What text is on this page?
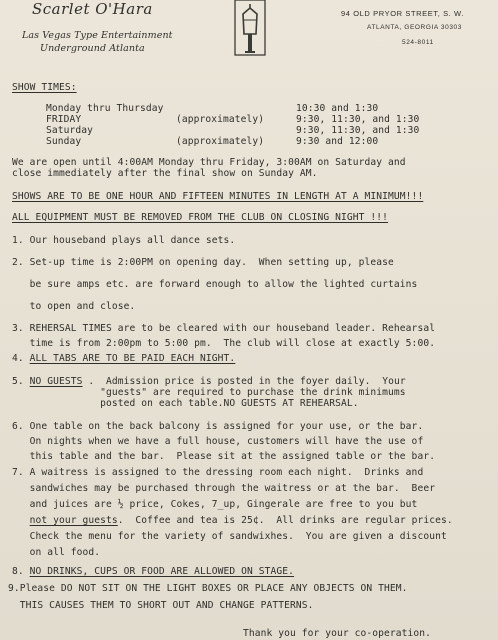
Scarlet O'Hara
Las Vegas Type Entertainment
Underground Atlanta
94 OLD PRYOR STREET, S. W.
ATLANTA, GEORGIA 30303
524-8011
SHOW TIMES:
Monday thru Thursday	10:30 and 1:30
FRIDAY	(approximately)	9:30, 11:30, and 1:30
Saturday	9:30, 11:30, and 1:30
Sunday	(approximately)	9:30 and 12:00
We are open until 4:00AM Monday thru Friday, 3:00AM on Saturday and
close immediately after the final show on Sunday AM.
SHOWS ARE TO BE ONE HOUR AND FIFTEEN MINUTES IN LENGTH AT A MINIMUM!!!
ALL EQUIPMENT MUST BE REMOVED FROM THE CLUB ON CLOSING NIGHT !!!
1. Our houseband plays all dance sets.
2. Set-up time is 2:00PM on opening day.  When setting up, please
be sure amps etc. are forward enough to allow the lighted curtains
to open and close.
3. REHERSAL TIMES are to be cleared with our houseband leader. Rehearsal
time is from 2:00pm to 5:00 pm.  The club will close at exactly 5:00.
4. ALL TABS ARE TO BE PAID EACH NIGHT.
5. NO GUESTS .  Admission price is posted in the foyer daily.  Your
"guests" are required to purchase the drink minimums
posted on each table.NO GUESTS AT REHEARSAL.
6. One table on the back balcony is assigned for your use, or the bar.
On nights when we have a full house, customers will have the use of
this table and the bar.  Please sit at the assigned table or the bar.
7. A waitress is assigned to the dressing room each night.  Drinks and
sandwiches may be purchased through the waitress or at the bar.  Beer
and juices are ½ price, Cokes, 7_up, Gingerale are free to you but
not your guests.  Coffee and tea is 25¢.  All drinks are regular prices.
Check the menu for the variety of sandwixhes.  You are given a discount
on all food.
8. NO DRINKS, CUPS OR FOOD ARE ALLOWED ON STAGE.
9.Please DO NOT SIT ON THE LIGHT BOXES OR PLACE ANY OBJECTS ON THEM.
THIS CAUSES THEM TO SHORT OUT AND CHANGE PATTERNS.
Thank you for your co-operation.
